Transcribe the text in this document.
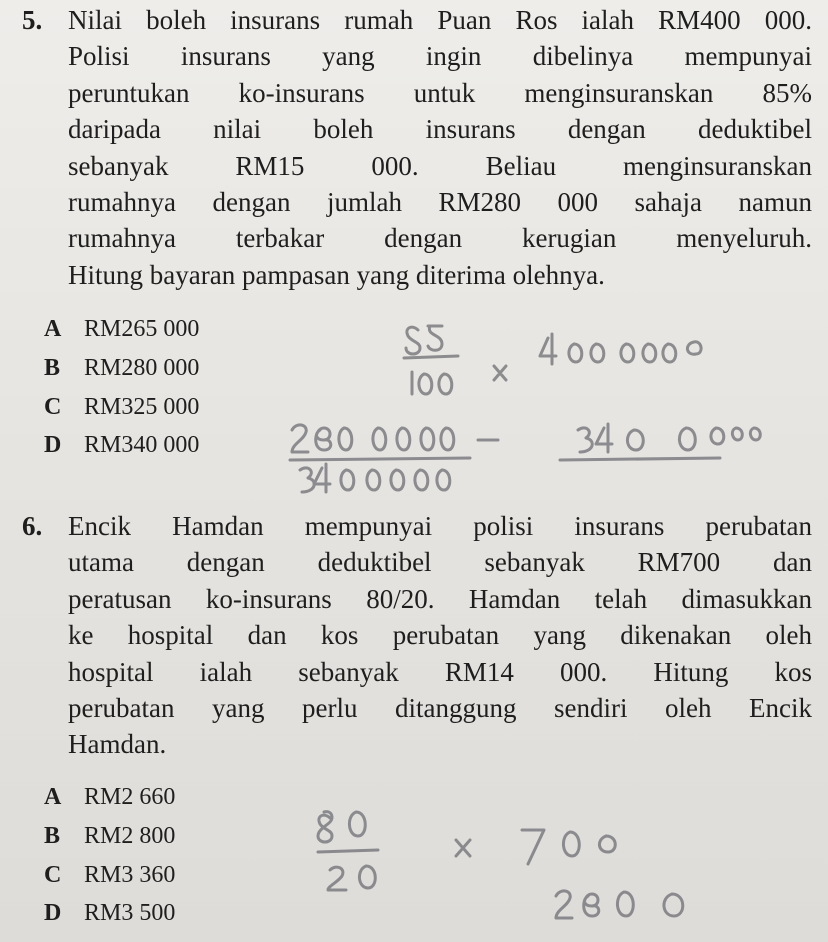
5. Nilai boleh insurans rumah Puan Ros ialah RM400 000.
Polisi insurans yang ingin dibelinya mempunyai
peruntukan ko-insurans untuk menginsuranskan 85%
daripada nilai boleh insurans dengan deduktibel
sebanyak RM15 000. Beliau menginsuranskan
rumahnya dengan jumlah RM280 000 sahaja namun
rumahnya terbakar dengan kerugian menyeluruh.
Hitung bayaran pampasan yang diterima olehnya.
A RM265 000
B RM280 000
C RM325 000
D RM340 000
6. Encik Hamdan mempunyai polisi insurans perubatan
utama dengan deduktibel sebanyak RM700 dan
peratusan ko-insurans 80/20. Hamdan telah dimasukkan
ke hospital dan kos perubatan yang dikenakan oleh
hospital ialah sebanyak RM14 000. Hitung kos
perubatan yang perlu ditanggung sendiri oleh Encik
Hamdan.
A RM2 660
B RM2 800
C RM3 360
D RM3 500
